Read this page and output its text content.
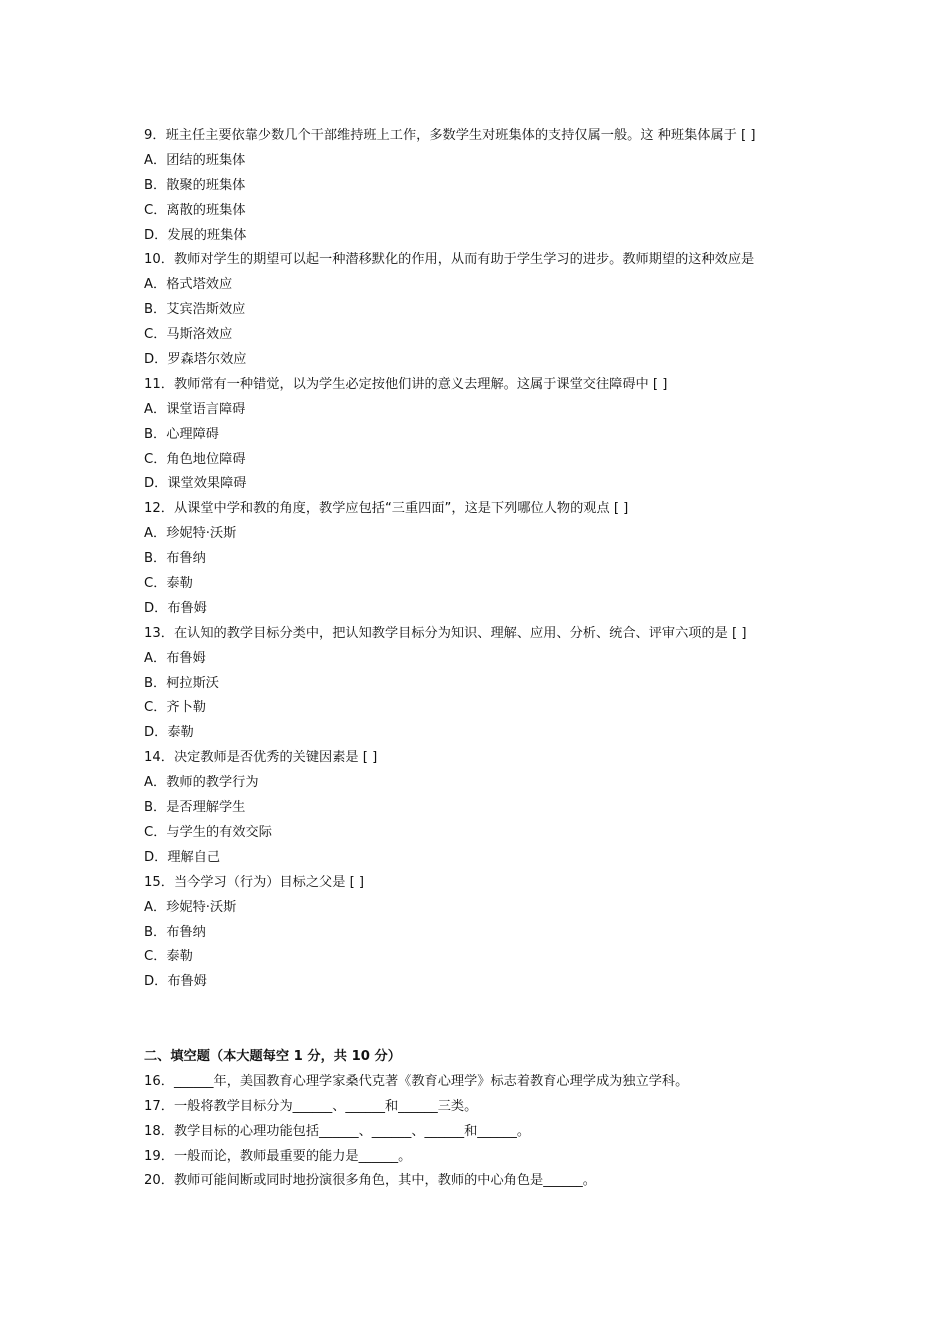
9．班主任主要依靠少数几个干部维持班上工作，多数学生对班集体的支持仅属一般。这 种班集体属于 [ ]
A．团结的班集体
B．散聚的班集体
C．离散的班集体
D．发展的班集体
10．教师对学生的期望可以起一种潜移默化的作用，从而有助于学生学习的进步。教师期望的这种效应是
A．格式塔效应
B．艾宾浩斯效应
C．马斯洛效应
D．罗森塔尔效应
11．教师常有一种错觉，以为学生必定按他们讲的意义去理解。这属于课堂交往障碍中 [ ]
A．课堂语言障碍
B．心理障碍
C．角色地位障碍
D．课堂效果障碍
12．从课堂中学和教的角度，教学应包括“三重四面”，这是下列哪位人物的观点 [ ]
A．珍妮特·沃斯
B．布鲁纳
C．泰勒
D．布鲁姆
13．在认知的教学目标分类中，把认知教学目标分为知识、理解、应用、分析、统合、评审六项的是 [ ]
A．布鲁姆
B．柯拉斯沃
C．齐卜勒
D．泰勒
14．决定教师是否优秀的关键因素是 [ ]
A．教师的教学行为
B．是否理解学生
C．与学生的有效交际
D．理解自己
15．当今学习（行为）目标之父是 [ ]
A．珍妮特·沃斯
B．布鲁纳
C．泰勒
D．布鲁姆
二、填空题（本大题每空 1 分，共 10 分）
16．______年，美国教育心理学家桑代克著《教育心理学》标志着教育心理学成为独立学科。
17．一般将教学目标分为______、______和______三类。
18．教学目标的心理功能包括______、______、______和______。
19．一般而论，教师最重要的能力是______。
20．教师可能间断或同时地扮演很多角色，其中，教师的中心角色是______。
